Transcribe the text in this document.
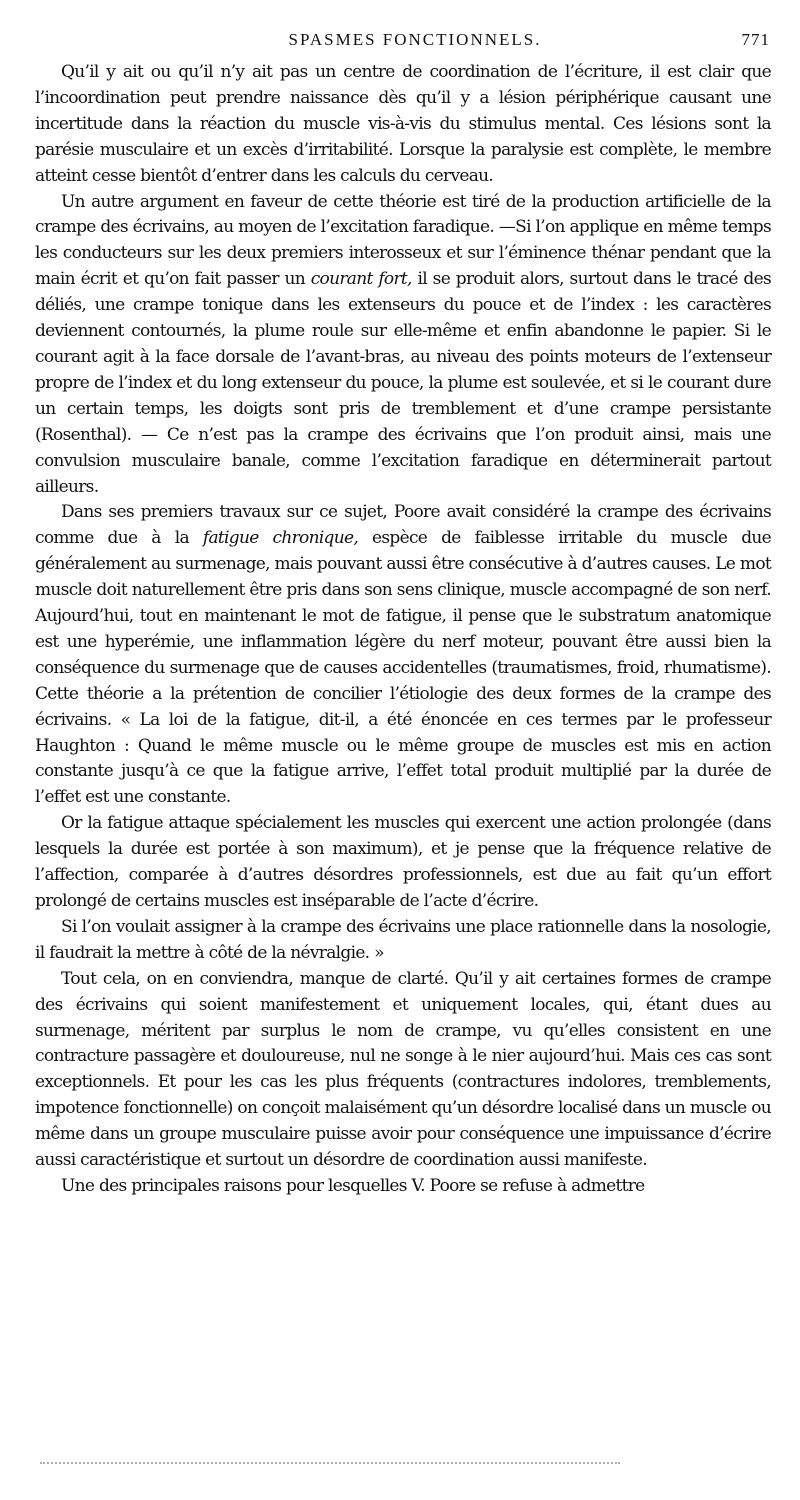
SPASMES FONCTIONNELS.	771

Qu’il y ait ou qu’il n’y ait pas un centre de coordination de l’écriture, il est clair que l’incoordination peut prendre naissance dès qu’il y a lésion périphérique causant une incertitude dans la réaction du muscle vis-à-vis du stimulus mental. Ces lésions sont la parésie musculaire et un excès d’irritabilité. Lorsque la paralysie est complète, le membre atteint cesse bientôt d’entrer dans les calculs du cerveau.

Un autre argument en faveur de cette théorie est tiré de la production artificielle de la crampe des écrivains, au moyen de l’excitation faradique. —Si l’on applique en même temps les conducteurs sur les deux premiers interosseux et sur l’éminence thénar pendant que la main écrit et qu’on fait passer un courant fort, il se produit alors, surtout dans le tracé des déliés, une crampe tonique dans les extenseurs du pouce et de l’index : les caractères deviennent contournés, la plume roule sur elle-même et enfin abandonne le papier. Si le courant agit à la face dorsale de l’avant-bras, au niveau des points moteurs de l’extenseur propre de l’index et du long extenseur du pouce, la plume est soulevée, et si le courant dure un certain temps, les doigts sont pris de tremblement et d’une crampe persistante (Rosenthal). — Ce n’est pas la crampe des écrivains que l’on produit ainsi, mais une convulsion musculaire banale, comme l’excitation faradique en déterminerait partout ailleurs.

Dans ses premiers travaux sur ce sujet, Poore avait considéré la crampe des écrivains comme due à la fatigue chronique, espèce de faiblesse irritable du muscle due généralement au surmenage, mais pouvant aussi être consécutive à d’autres causes. Le mot muscle doit naturellement être pris dans son sens clinique, muscle accompagné de son nerf. Aujourd’hui, tout en maintenant le mot de fatigue, il pense que le substratum anatomique est une hyperémie, une inflammation légère du nerf moteur, pouvant être aussi bien la conséquence du surmenage que de causes accidentelles (traumatismes, froid, rhumatisme). Cette théorie a la prétention de concilier l’étiologie des deux formes de la crampe des écrivains. « La loi de la fatigue, dit-il, a été énoncée en ces termes par le professeur Haughton : Quand le même muscle ou le même groupe de muscles est mis en action constante jusqu’à ce que la fatigue arrive, l’effet total produit multiplié par la durée de l’effet est une constante.

Or la fatigue attaque spécialement les muscles qui exercent une action prolongée (dans lesquels la durée est portée à son maximum), et je pense que la fréquence relative de l’affection, comparée à d’autres désordres professionnels, est due au fait qu’un effort prolongé de certains muscles est inséparable de l’acte d’écrire.

Si l’on voulait assigner à la crampe des écrivains une place rationnelle dans la nosologie, il faudrait la mettre à côté de la névralgie. »

Tout cela, on en conviendra, manque de clarté. Qu’il y ait certaines formes de crampe des écrivains qui soient manifestement et uniquement locales, qui, étant dues au surmenage, méritent par surplus le nom de crampe, vu qu’elles consistent en une contracture passagère et douloureuse, nul ne songe à le nier aujourd’hui. Mais ces cas sont exceptionnels. Et pour les cas les plus fréquents (contractures indolores, tremblements, impotence fonctionnelle) on conçoit malaisément qu’un désordre localisé dans un muscle ou même dans un groupe musculaire puisse avoir pour conséquence une impuissance d’écrire aussi caractéristique et surtout un désordre de coordination aussi manifeste.

Une des principales raisons pour lesquelles V. Poore se refuse à admettre
